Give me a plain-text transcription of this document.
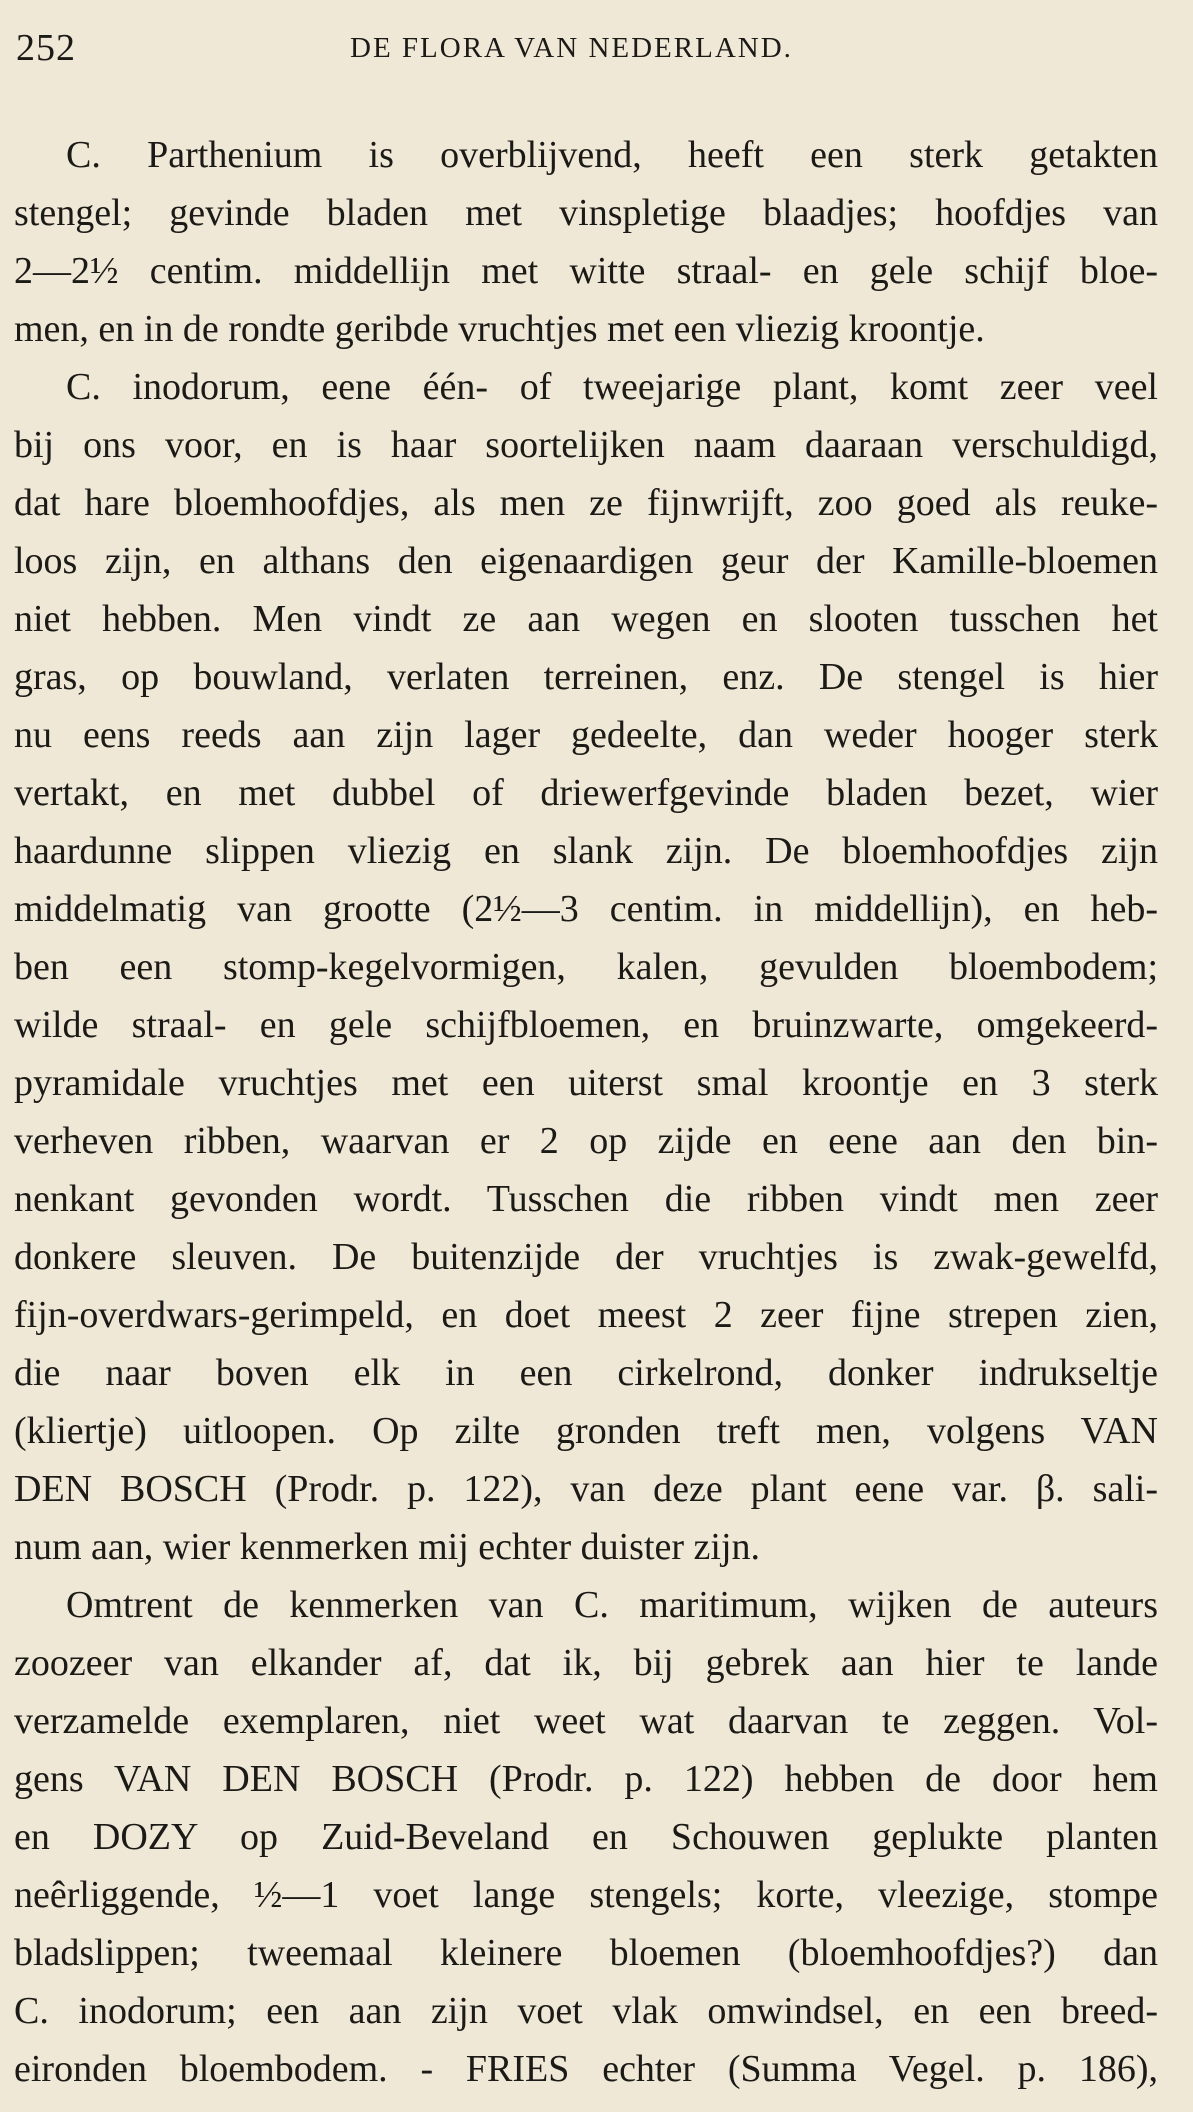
252	DE FLORA VAN NEDERLAND.
C. Parthenium is overblijvend, heeft een sterk getakten
stengel; gevinde bladen met vinspletige blaadjes; hoofdjes van
2—2½ centim. middellijn met witte straal- en gele schijf bloe-
men, en in de rondte geribde vruchtjes met een vliezig kroontje.
C. inodorum, eene één- of tweejarige plant, komt zeer veel
bij ons voor, en is haar soortelijken naam daaraan verschuldigd,
dat hare bloemhoofdjes, als men ze fijnwrijft, zoo goed als reuke-
loos zijn, en althans den eigenaardigen geur der Kamille-bloemen
niet hebben. Men vindt ze aan wegen en slooten tusschen het
gras, op bouwland, verlaten terreinen, enz. De stengel is hier
nu eens reeds aan zijn lager gedeelte, dan weder hooger sterk
vertakt, en met dubbel of driewerfgevinde bladen bezet, wier
haardunne slippen vliezig en slank zijn. De bloemhoofdjes zijn
middelmatig van grootte (2½—3 centim. in middellijn), en heb-
ben een stomp-kegelvormigen, kalen, gevulden bloembodem;
wilde straal- en gele schijfbloemen, en bruinzwarte, omgekeerd-
pyramidale vruchtjes met een uiterst smal kroontje en 3 sterk
verheven ribben, waarvan er 2 op zijde en eene aan den bin-
nenkant gevonden wordt. Tusschen die ribben vindt men zeer
donkere sleuven. De buitenzijde der vruchtjes is zwak-gewelfd,
fijn-overdwars-gerimpeld, en doet meest 2 zeer fijne strepen zien,
die naar boven elk in een cirkelrond, donker indrukseltje
(kliertje) uitloopen. Op zilte gronden treft men, volgens VAN
DEN BOSCH (Prodr. p. 122), van deze plant eene var. β. sali-
num aan, wier kenmerken mij echter duister zijn.
Omtrent de kenmerken van C. maritimum, wijken de auteurs
zoozeer van elkander af, dat ik, bij gebrek aan hier te lande
verzamelde exemplaren, niet weet wat daarvan te zeggen. Vol-
gens VAN DEN BOSCH (Prodr. p. 122) hebben de door hem
en DOZY op Zuid-Beveland en Schouwen geplukte planten
neêrliggende, ½—1 voet lange stengels; korte, vleezige, stompe
bladslippen; tweemaal kleinere bloemen (bloemhoofdjes?) dan
C. inodorum; een aan zijn voet vlak omwindsel, en een breed-
eironden bloembodem. - FRIES echter (Summa Vegel. p. 186),
